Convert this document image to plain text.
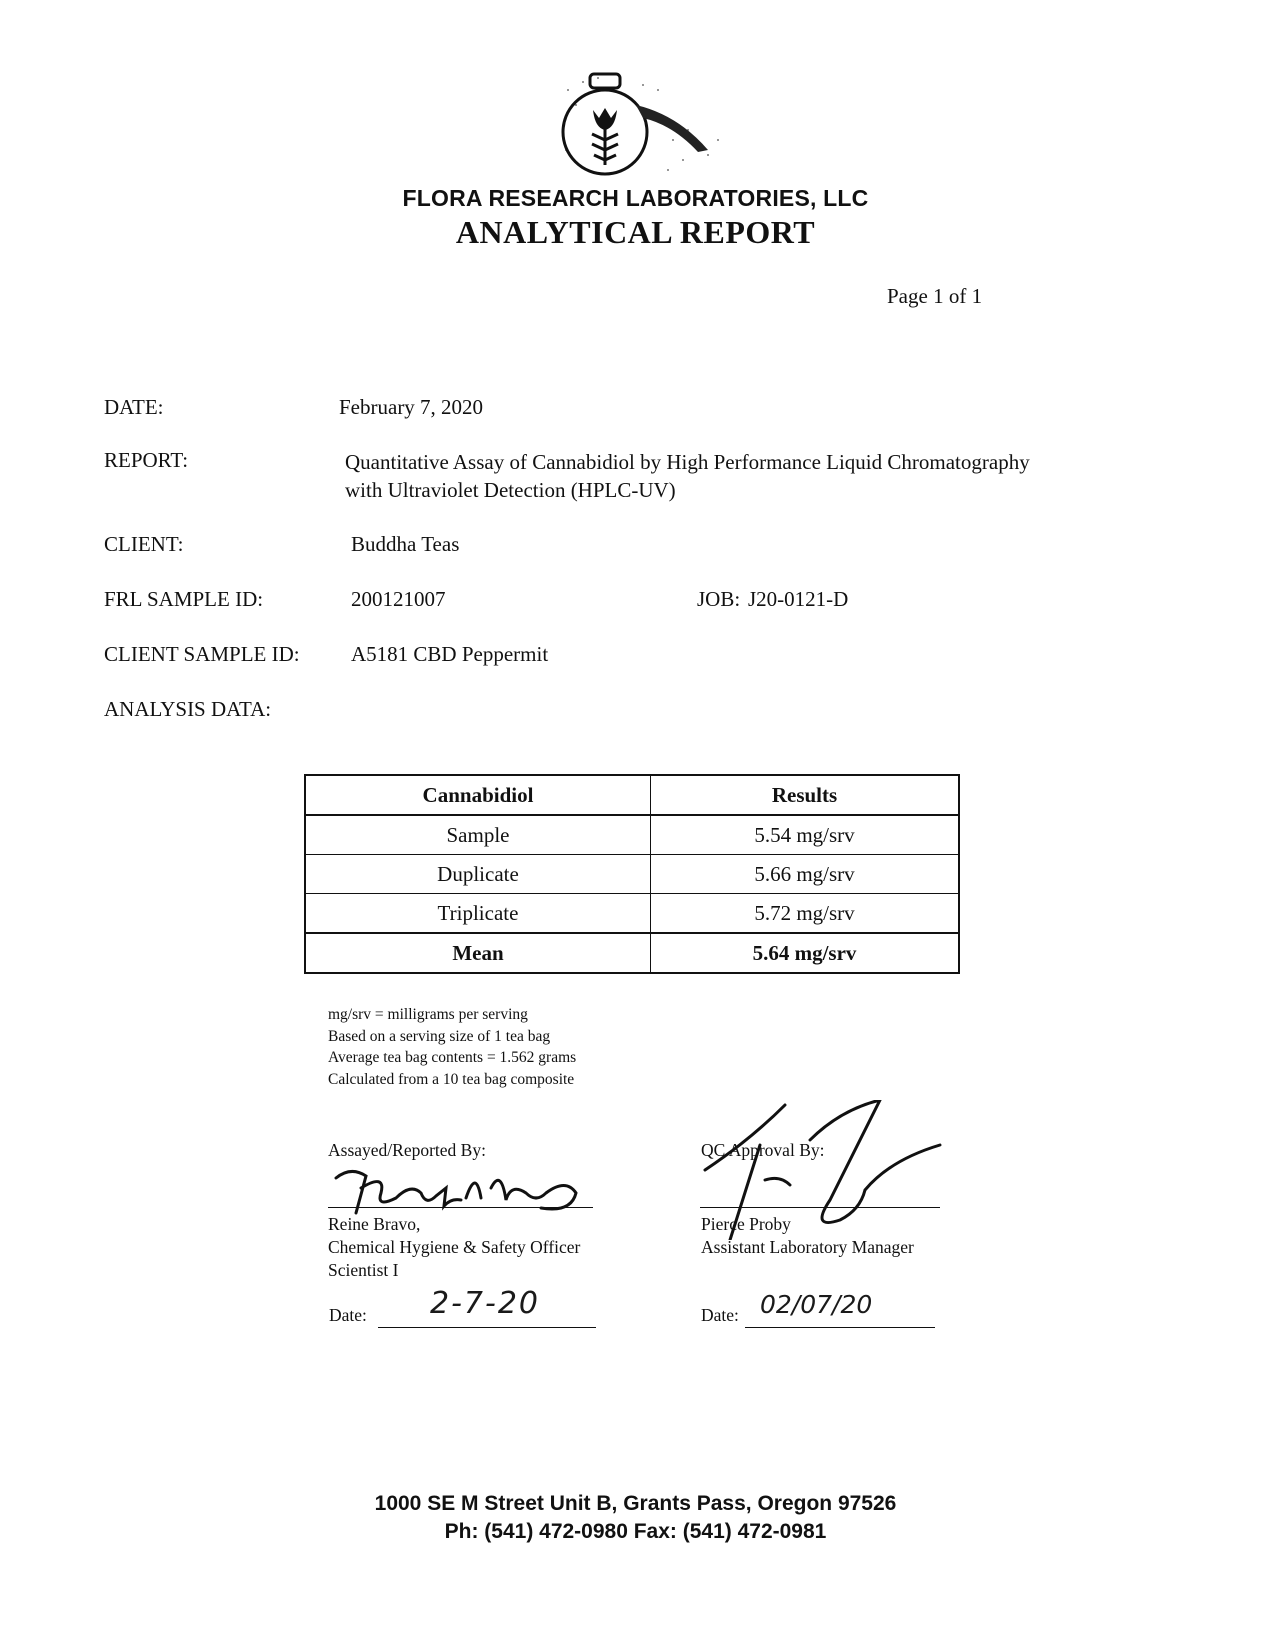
FLORA RESEARCH LABORATORIES, LLC
ANALYTICAL REPORT
Page 1 of 1
DATE:	February 7, 2020
REPORT:	Quantitative Assay of Cannabidiol by High Performance Liquid Chromatography
with Ultraviolet Detection (HPLC-UV)
CLIENT:	Buddha Teas
FRL SAMPLE ID:	200121007	JOB: J20-0121-D
CLIENT SAMPLE ID: A5181 CBD Peppermit
ANALYSIS DATA:
Cannabidiol	Results
Sample	5.54 mg/srv
Duplicate	5.66 mg/srv
Triplicate	5.72 mg/srv
Mean	5.64 mg/srv
mg/srv = milligrams per serving
Based on a serving size of 1 tea bag
Average tea bag contents = 1.562 grams
Calculated from a 10 tea bag composite
Assayed/Reported By:
Reine Bravo,
Chemical Hygiene & Safety Officer
Scientist I
Date: 2-7-20
QC Approval By:
Pierce Proby
Assistant Laboratory Manager
Date: 02/07/20
1000 SE M Street Unit B, Grants Pass, Oregon 97526
Ph: (541) 472-0980 Fax: (541) 472-0981
